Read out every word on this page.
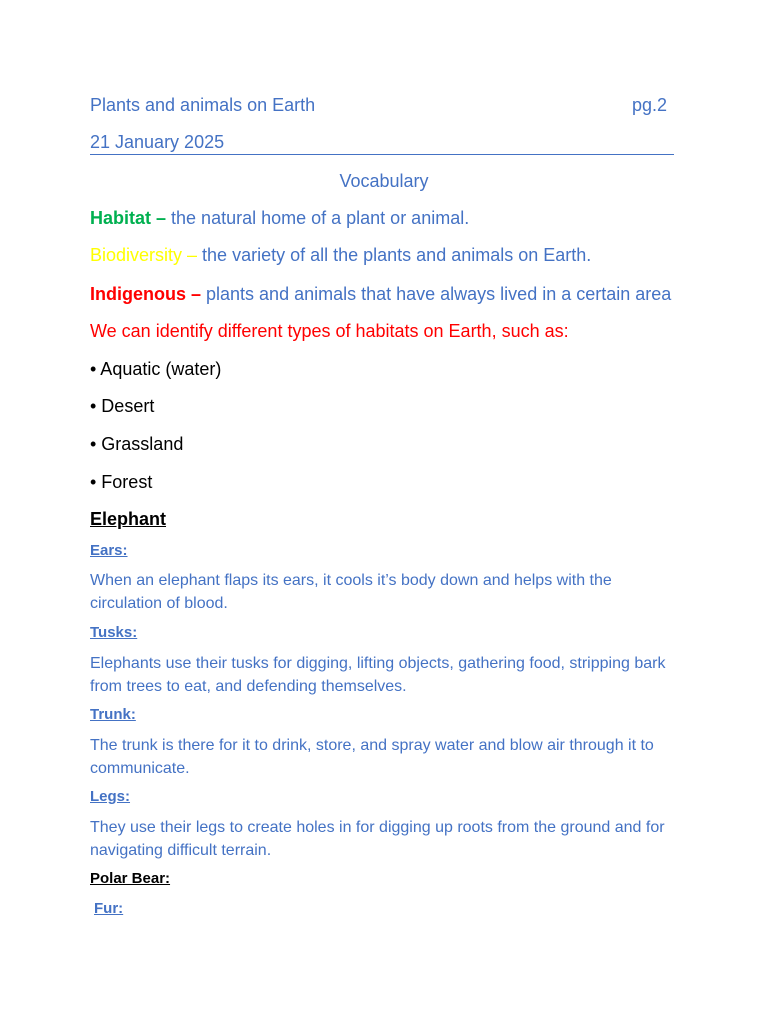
Plants and animals on Earth	pg.2
21 January 2025
Vocabulary
Habitat – the natural home of a plant or animal.
Biodiversity – the variety of all the plants and animals on Earth.
Indigenous – plants and animals that have always lived in a certain area
We can identify different types of habitats on Earth, such as:
• Aquatic (water)
• Desert
• Grassland
• Forest
Elephant
Ears:
When an elephant flaps its ears, it cools it’s body down and helps with the circulation of blood.
Tusks:
Elephants use their tusks for digging, lifting objects, gathering food, stripping bark from trees to eat, and defending themselves.
Trunk:
The trunk is there for it to drink, store, and spray water and blow air through it to communicate.
Legs:
They use their legs to create holes in for digging up roots from the ground and for navigating difficult terrain.
Polar Bear:
Fur:
